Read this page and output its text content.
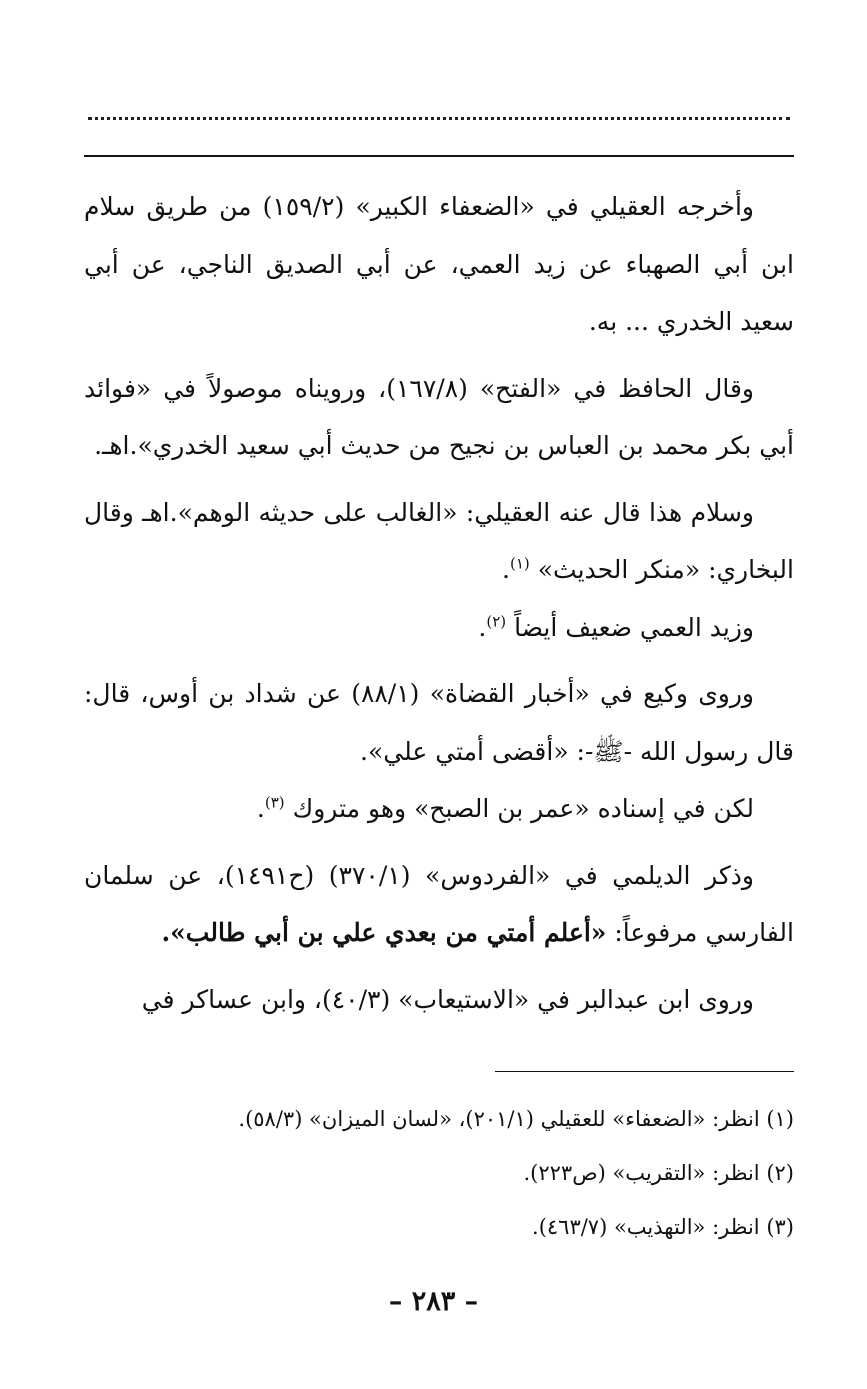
وأخرجه العقيلي في «الضعفاء الكبير» (١٥٩/٢) من طريق سلام ابن أبي الصهباء عن زيد العمي، عن أبي الصديق الناجي، عن أبي سعيد الخدري ... به.

وقال الحافظ في «الفتح» (١٦٧/٨)، ورويناه موصولاً في «فوائد أبي بكر محمد بن العباس بن نجيح من حديث أبي سعيد الخدري».اهـ.

وسلام هذا قال عنه العقيلي: «الغالب على حديثه الوهم».اهـ وقال البخاري: «منكر الحديث» $^{(١)}$.

وزيد العمي ضعيف أيضاً $^{(٢)}$.

وروى وكيع في «أخبار القضاة» (٨٨/١) عن شداد بن أوس، قال: قال رسول الله -ﷺ-: «أقضى أمتي علي».

لكن في إسناده «عمر بن الصبح» وهو متروك $^{(٣)}$.

وذكر الديلمي في «الفردوس» (٣٧٠/١) (ح١٤٩١)، عن سلمان الفارسي مرفوعاً: «أعلم أمتي من بعدي علي بن أبي طالب».

وروى ابن عبدالبر في «الاستيعاب» (٤٠/٣)، وابن عساكر في

(١) انظر: «الضعفاء» للعقيلي (٢٠١/١)، «لسان الميزان» (٥٨/٣).

(٢) انظر: «التقريب» (ص٢٢٣).

(٣) انظر: «التهذيب» (٤٦٣/٧).

– ٢٨٣ –
